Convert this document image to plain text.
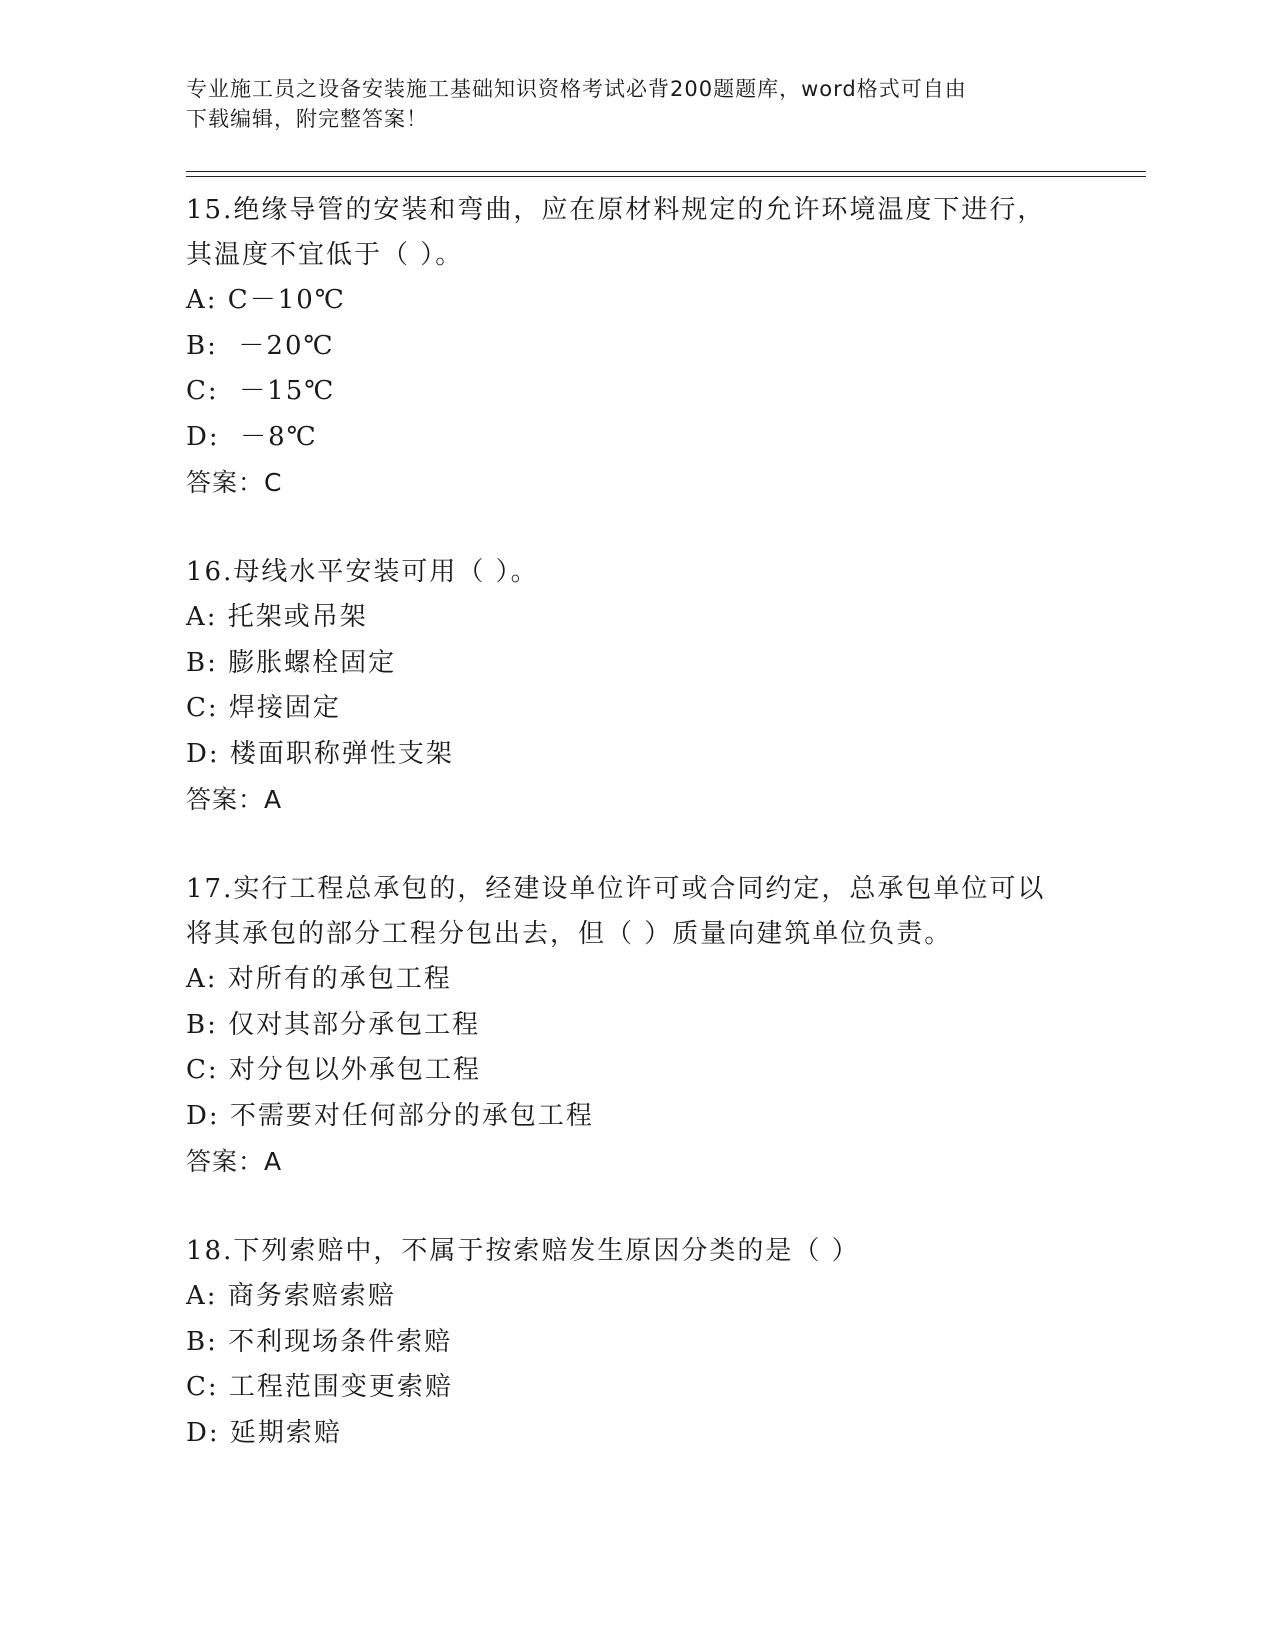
专业施工员之设备安装施工基础知识资格考试必背200题题库，word格式可自由
下载编辑，附完整答案！
15.绝缘导管的安装和弯曲，应在原材料规定的允许环境温度下进行，
其温度不宜低于（ ）。
A: C－10℃
B:  －20℃
C:  －15℃
D:  －8℃
答案：C
16.母线水平安装可用（ ）。
A: 托架或吊架
B: 膨胀螺栓固定
C: 焊接固定
D: 楼面职称弹性支架
答案：A
17.实行工程总承包的，经建设单位许可或合同约定，总承包单位可以
将其承包的部分工程分包出去，但（ ）质量向建筑单位负责。
A: 对所有的承包工程
B: 仅对其部分承包工程
C: 对分包以外承包工程
D: 不需要对任何部分的承包工程
答案：A
18.下列索赔中，不属于按索赔发生原因分类的是（ ）
A: 商务索赔索赔
B: 不利现场条件索赔
C: 工程范围变更索赔
D: 延期索赔
